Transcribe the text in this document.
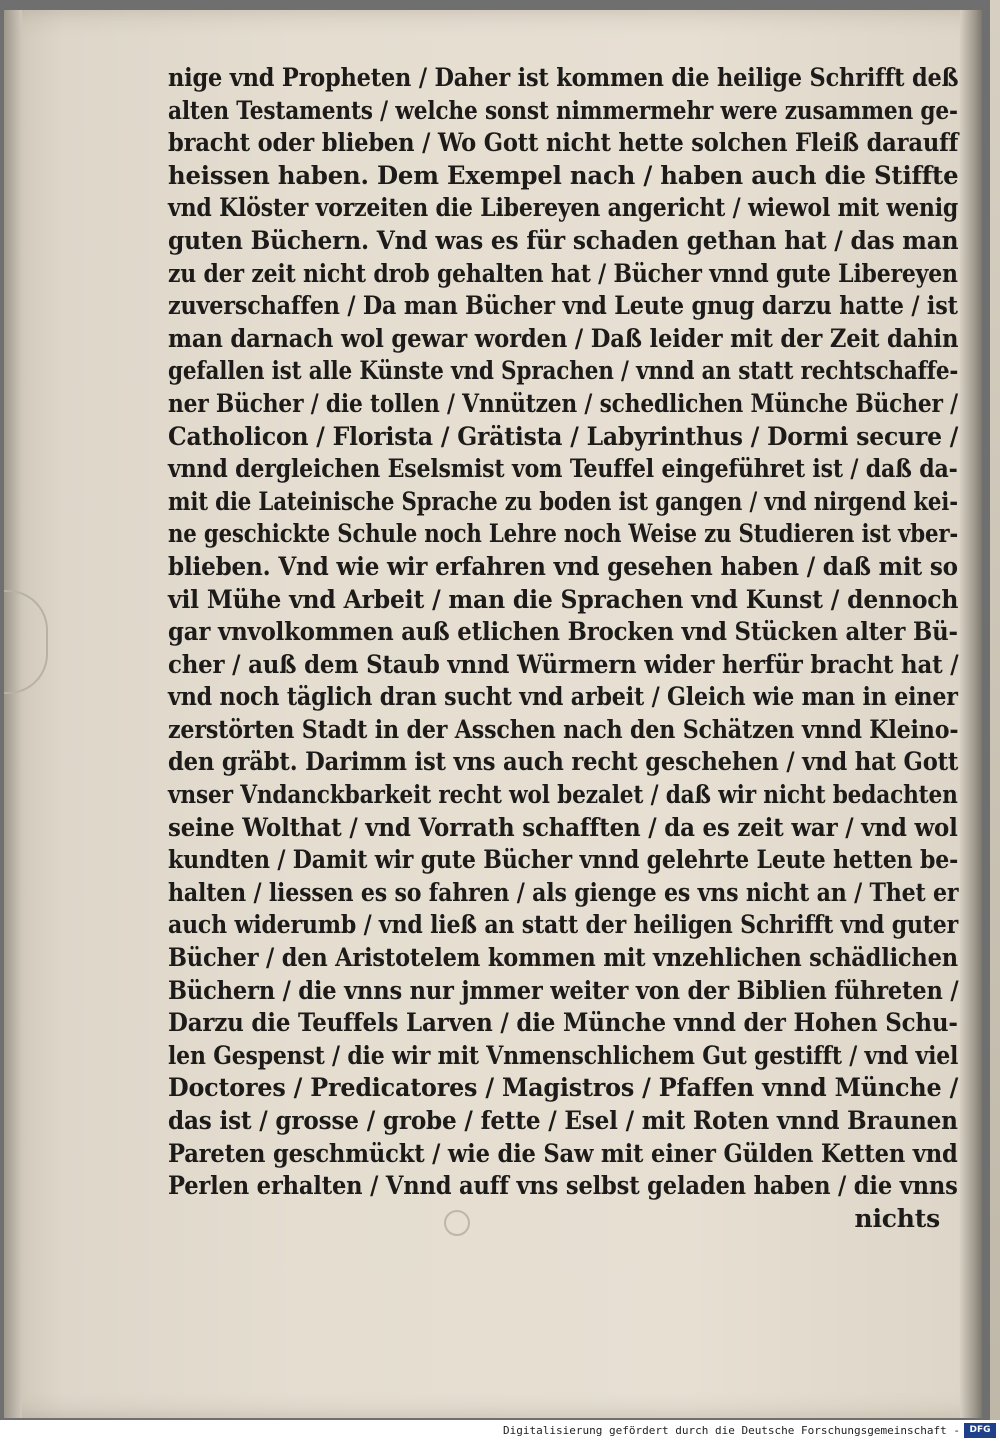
nige vnd Propheten / Daher ist kommen die heilige Schrifft deß
alten Testaments / welche sonst nimmermehr were zusammen ge-
bracht oder blieben / Wo Gott nicht hette solchen Fleiß darauff
heissen haben. Dem Exempel nach / haben auch die Stiffte
vnd Klöster vorzeiten die Libereyen angericht / wiewol mit wenig
guten Büchern. Vnd was es für schaden gethan hat / das man
zu der zeit nicht drob gehalten hat / Bücher vnnd gute Libereyen
zuverschaffen / Da man Bücher vnd Leute gnug darzu hatte / ist
man darnach wol gewar worden / Daß leider mit der Zeit dahin
gefallen ist alle Künste vnd Sprachen / vnnd an statt rechtschaffe-
ner Bücher / die tollen / Vnnützen / schedlichen Münche Bücher /
Catholicon / Florista / Grätista / Labyrinthus / Dormi secure /
vnnd dergleichen Eselsmist vom Teuffel eingeführet ist / daß da-
mit die Lateinische Sprache zu boden ist gangen / vnd nirgend kei-
ne geschickte Schule noch Lehre noch Weise zu Studieren ist vber-
blieben. Vnd wie wir erfahren vnd gesehen haben / daß mit so
vil Mühe vnd Arbeit / man die Sprachen vnd Kunst / dennoch
gar vnvolkommen auß etlichen Brocken vnd Stücken alter Bü-
cher / auß dem Staub vnnd Würmern wider herfür bracht hat /
vnd noch täglich dran sucht vnd arbeit / Gleich wie man in einer
zerstörten Stadt in der Asschen nach den Schätzen vnnd Kleino-
den gräbt. Darimm ist vns auch recht geschehen / vnd hat Gott
vnser Vndanckbarkeit recht wol bezalet / daß wir nicht bedachten
seine Wolthat / vnd Vorrath schafften / da es zeit war / vnd wol
kundten / Damit wir gute Bücher vnnd gelehrte Leute hetten be-
halten / liessen es so fahren / als gienge es vns nicht an / Thet er
auch widerumb / vnd ließ an statt der heiligen Schrifft vnd guter
Bücher / den Aristotelem kommen mit vnzehlichen schädlichen
Büchern / die vnns nur jmmer weiter von der Biblien führeten /
Darzu die Teuffels Larven / die Münche vnnd der Hohen Schu-
len Gespenst / die wir mit Vnmenschlichem Gut gestifft / vnd viel
Doctores / Predicatores / Magistros / Pfaffen vnnd Münche /
das ist / grosse / grobe / fette / Esel / mit Roten vnnd Braunen
Pareten geschmückt / wie die Saw mit einer Gülden Ketten vnd
Perlen erhalten / Vnnd auff vns selbst geladen haben / die vnns
nichts
Digitalisierung gefördert durch die Deutsche Forschungsgemeinschaft -	DFG
